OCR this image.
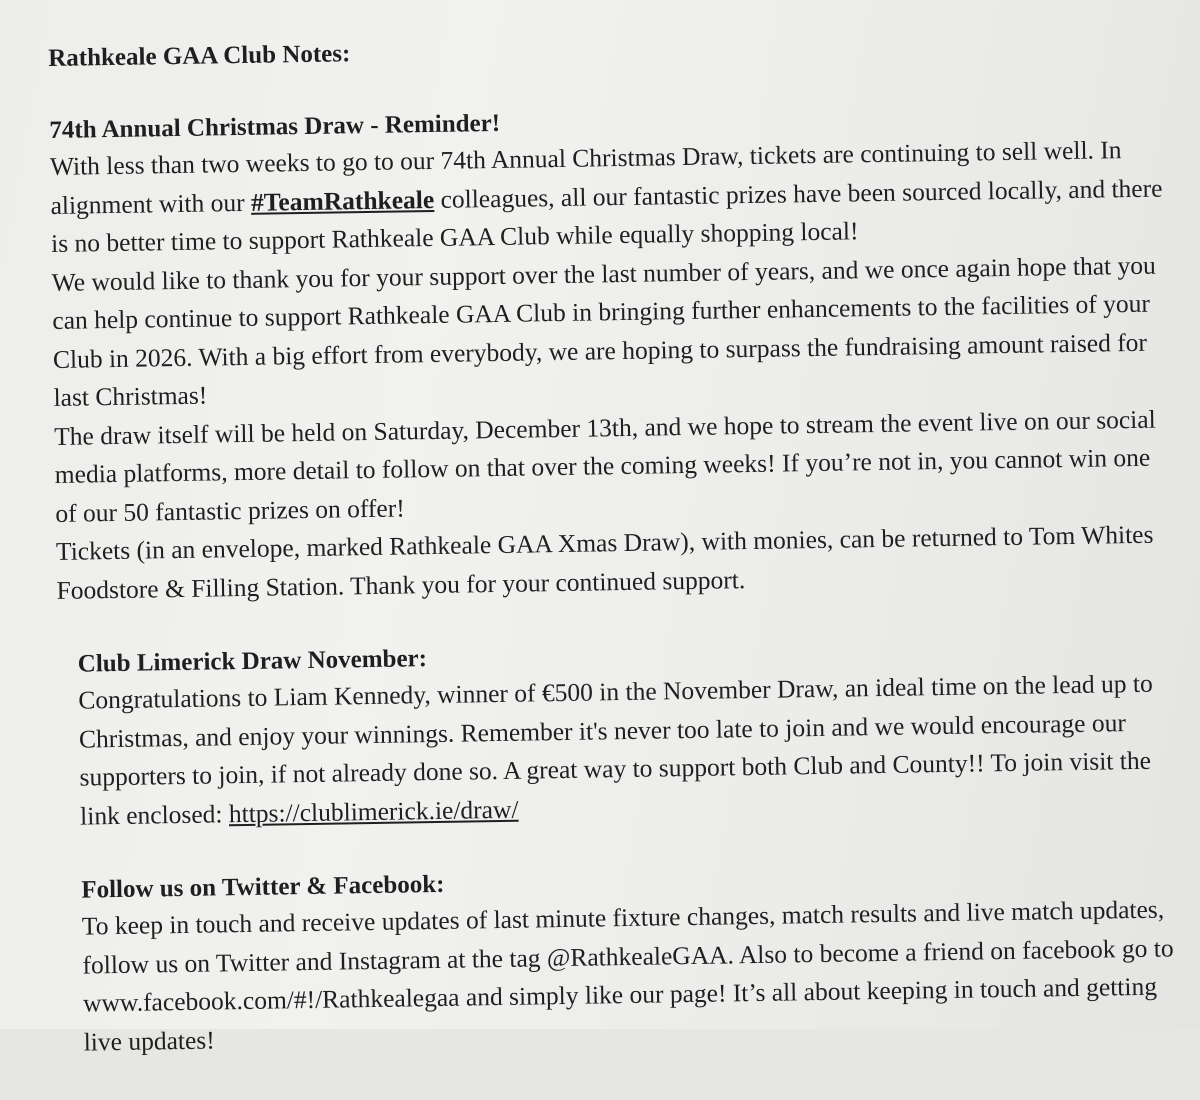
Rathkeale GAA Club Notes:
74th Annual Christmas Draw - Reminder!

With less than two weeks to go to our 74th Annual Christmas Draw, tickets are continuing to sell well. In alignment with our #TeamRathkeale colleagues, all our fantastic prizes have been sourced locally, and there is no better time to support Rathkeale GAA Club while equally shopping local!

We would like to thank you for your support over the last number of years, and we once again hope that you can help continue to support Rathkeale GAA Club in bringing further enhancements to the facilities of your Club in 2026. With a big effort from everybody, we are hoping to surpass the fundraising amount raised for last Christmas!

The draw itself will be held on Saturday, December 13th, and we hope to stream the event live on our social media platforms, more detail to follow on that over the coming weeks! If you’re not in, you cannot win one of our 50 fantastic prizes on offer!

Tickets (in an envelope, marked Rathkeale GAA Xmas Draw), with monies, can be returned to Tom Whites Foodstore & Filling Station. Thank you for your continued support.

Club Limerick Draw November:

Congratulations to Liam Kennedy, winner of €500 in the November Draw, an ideal time on the lead up to Christmas, and enjoy your winnings. Remember it's never too late to join and we would encourage our supporters to join, if not already done so. A great way to support both Club and County!! To join visit the link enclosed: https://clublimerick.ie/draw/

Follow us on Twitter & Facebook:

To keep in touch and receive updates of last minute fixture changes, match results and live match updates, follow us on Twitter and Instagram at the tag @RathkealeGAA. Also to become a friend on facebook go to www.facebook.com/#!/Rathkealegaa and simply like our page! It’s all about keeping in touch and getting live updates!
